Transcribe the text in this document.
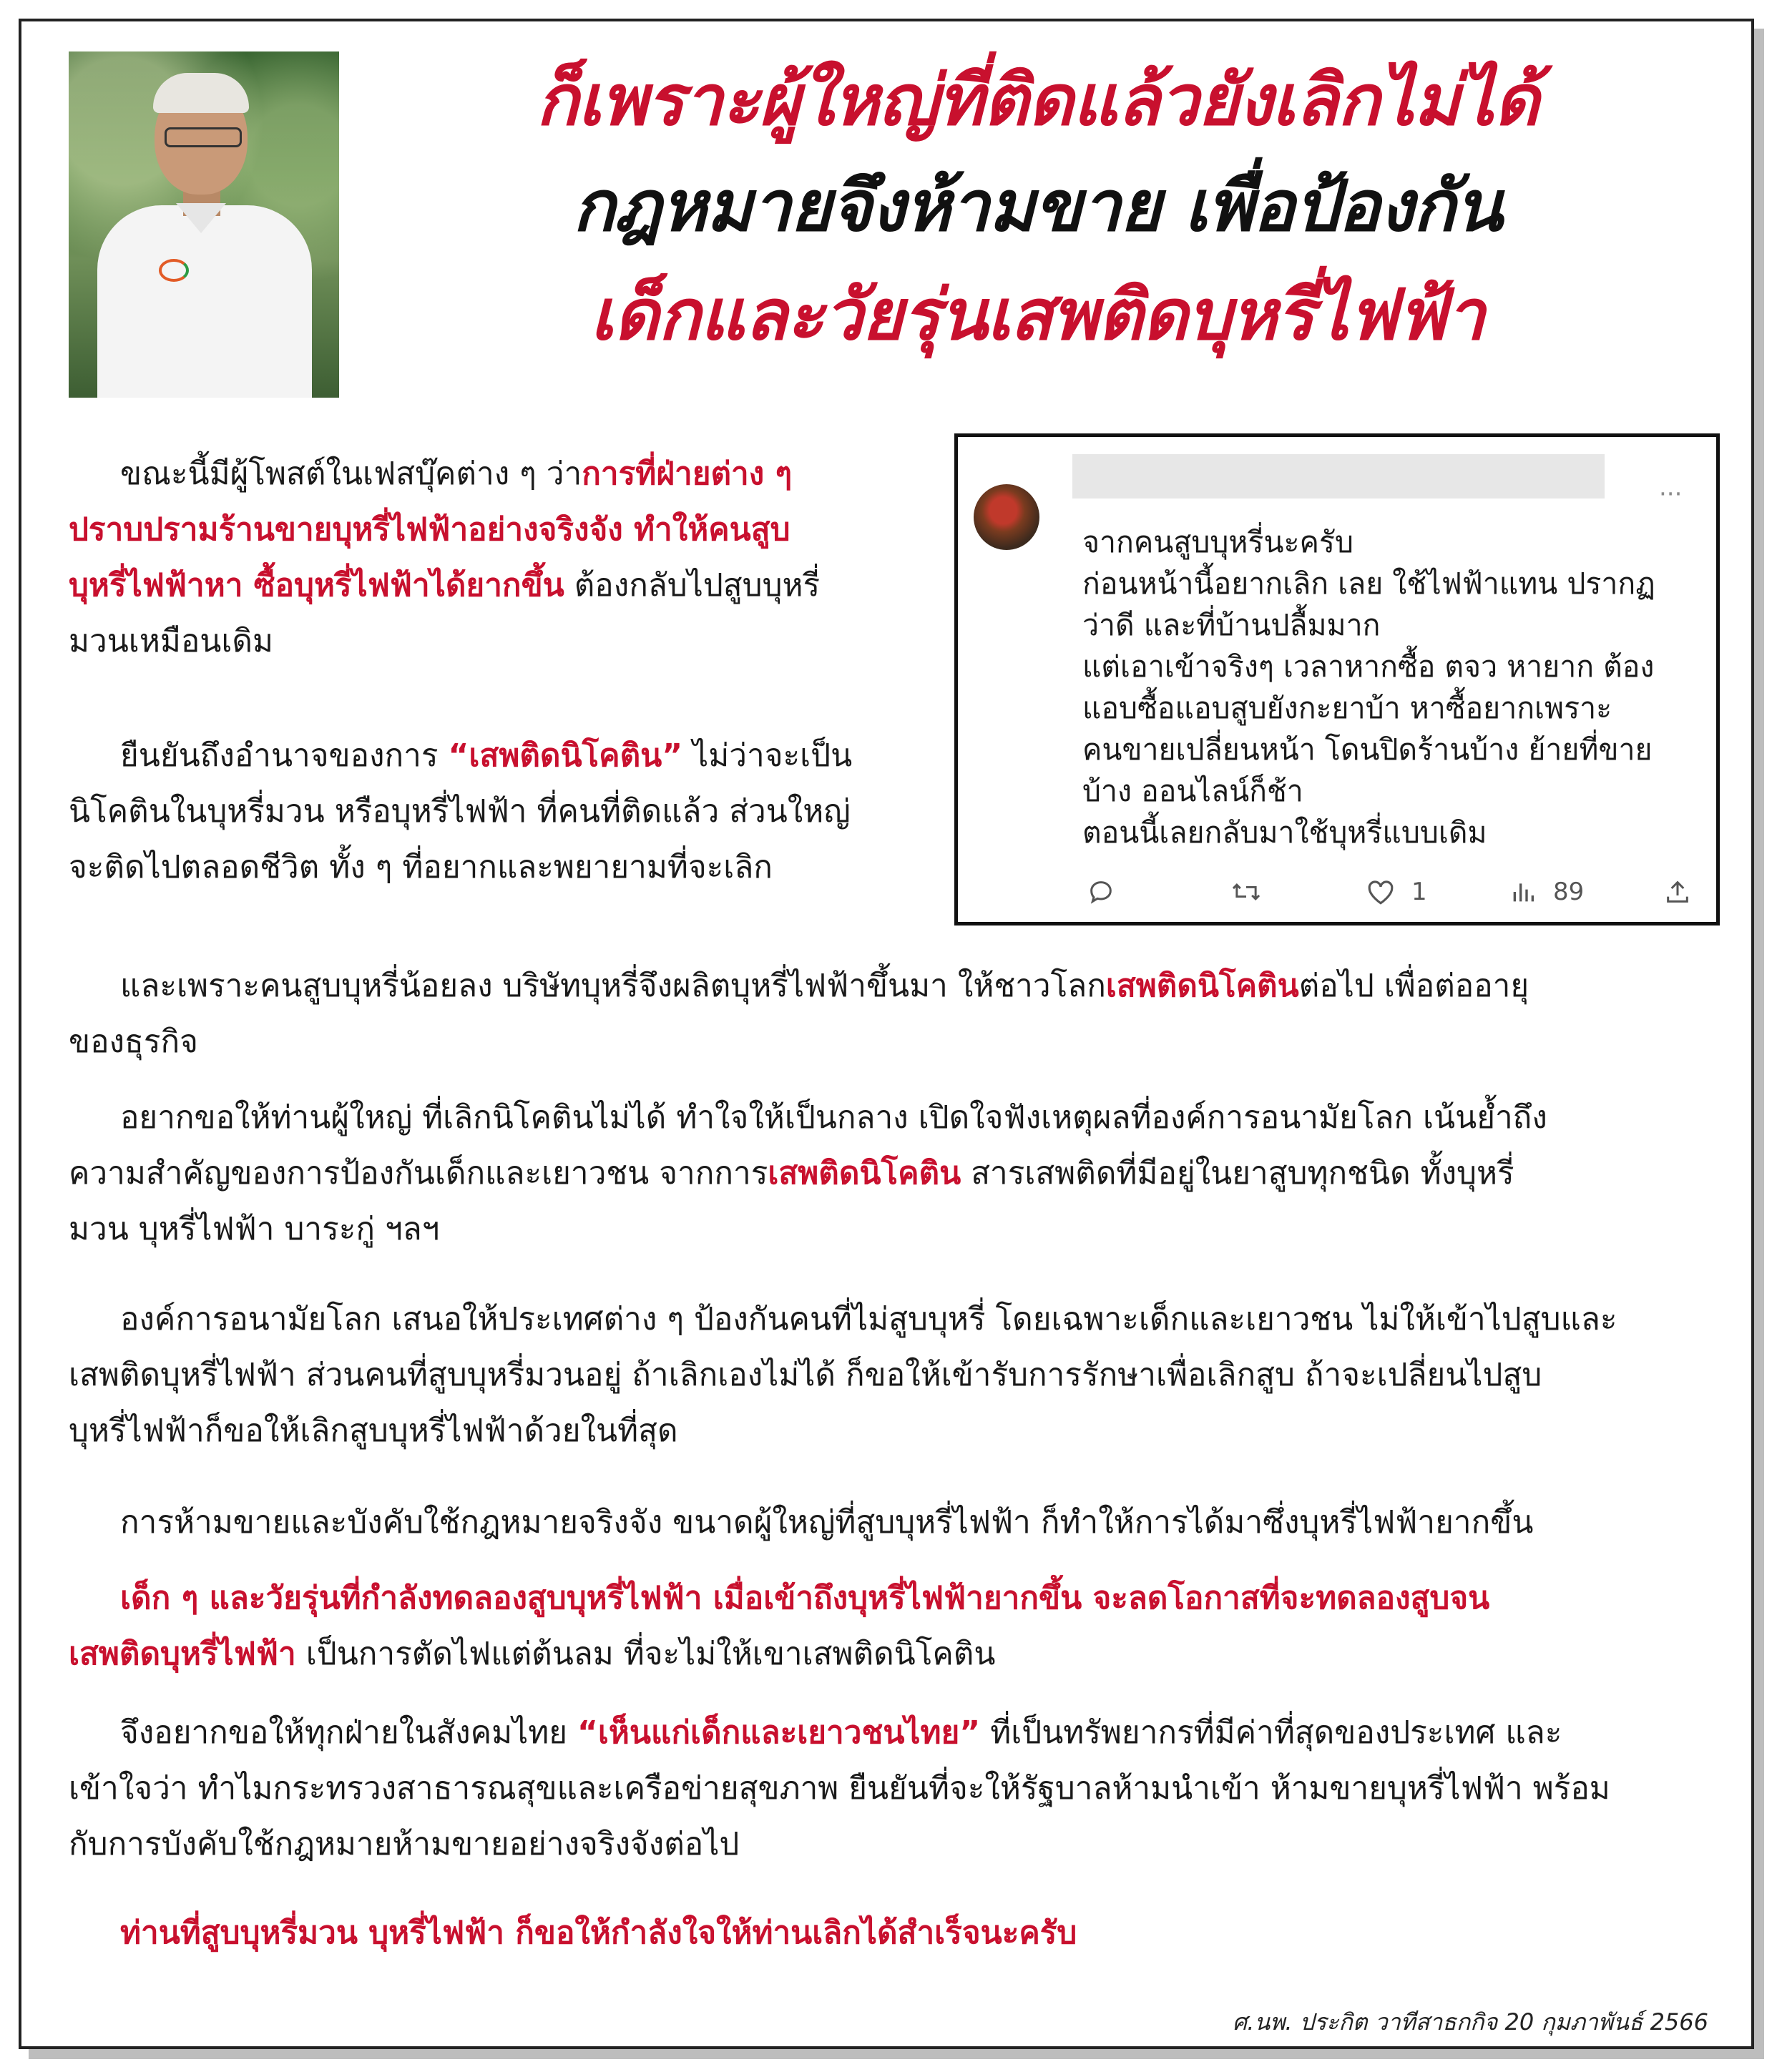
ก็เพราะผู้ใหญ่ที่ติดแล้วยังเลิกไม่ได้
กฎหมายจึงห้ามขาย เพื่อป้องกัน
เด็กและวัยรุ่นเสพติดบุหรี่ไฟฟ้า
ขณะนี้มีผู้โพสต์ในเฟสบุ๊คต่าง ๆ ว่าการที่ฝ่ายต่าง ๆ
ปราบปรามร้านขายบุหรี่ไฟฟ้าอย่างจริงจัง ทำให้คนสูบ
บุหรี่ไฟฟ้าหา ซื้อบุหรี่ไฟฟ้าได้ยากขึ้น ต้องกลับไปสูบบุหรี่
มวนเหมือนเดิม
ยืนยันถึงอำนาจของการ “เสพติดนิโคติน” ไม่ว่าจะเป็น
นิโคตินในบุหรี่มวน หรือบุหรี่ไฟฟ้า ที่คนที่ติดแล้ว ส่วนใหญ่
จะติดไปตลอดชีวิต ทั้ง ๆ ที่อยากและพยายามที่จะเลิก
···
จากคนสูบบุหรี่นะครับ
ก่อนหน้านี้อยากเลิก เลย ใช้ไฟฟ้าแทน ปรากฏ
ว่าดี และที่บ้านปลื้มมาก
แต่เอาเข้าจริงๆ เวลาหากซื้อ ตจว หายาก ต้อง
แอบซื้อแอบสูบยังกะยาบ้า หาซื้อยากเพราะ
คนขายเปลี่ยนหน้า โดนปิดร้านบ้าง ย้ายที่ขาย
บ้าง ออนไลน์ก็ช้า
ตอนนี้เลยกลับมาใช้บุหรี่แบบเดิม
1	89
และเพราะคนสูบบุหรี่น้อยลง บริษัทบุหรี่จึงผลิตบุหรี่ไฟฟ้าขึ้นมา ให้ชาวโลกเสพติดนิโคตินต่อไป เพื่อต่ออายุ
ของธุรกิจ
อยากขอให้ท่านผู้ใหญ่ ที่เลิกนิโคตินไม่ได้ ทำใจให้เป็นกลาง เปิดใจฟังเหตุผลที่องค์การอนามัยโลก เน้นย้ำถึง
ความสำคัญของการป้องกันเด็กและเยาวชน จากการเสพติดนิโคติน สารเสพติดที่มีอยู่ในยาสูบทุกชนิด ทั้งบุหรี่
มวน บุหรี่ไฟฟ้า บาระกู่ ฯลฯ
องค์การอนามัยโลก เสนอให้ประเทศต่าง ๆ ป้องกันคนที่ไม่สูบบุหรี่ โดยเฉพาะเด็กและเยาวชน ไม่ให้เข้าไปสูบและ
เสพติดบุหรี่ไฟฟ้า ส่วนคนที่สูบบุหรี่มวนอยู่ ถ้าเลิกเองไม่ได้ ก็ขอให้เข้ารับการรักษาเพื่อเลิกสูบ ถ้าจะเปลี่ยนไปสูบ
บุหรี่ไฟฟ้าก็ขอให้เลิกสูบบุหรี่ไฟฟ้าด้วยในที่สุด
การห้ามขายและบังคับใช้กฎหมายจริงจัง ขนาดผู้ใหญ่ที่สูบบุหรี่ไฟฟ้า ก็ทำให้การได้มาซึ่งบุหรี่ไฟฟ้ายากขึ้น
เด็ก ๆ และวัยรุ่นที่กำลังทดลองสูบบุหรี่ไฟฟ้า เมื่อเข้าถึงบุหรี่ไฟฟ้ายากขึ้น จะลดโอกาสที่จะทดลองสูบจน
เสพติดบุหรี่ไฟฟ้า เป็นการตัดไฟแต่ต้นลม ที่จะไม่ให้เขาเสพติดนิโคติน
จึงอยากขอให้ทุกฝ่ายในสังคมไทย “เห็นแก่เด็กและเยาวชนไทย” ที่เป็นทรัพยากรที่มีค่าที่สุดของประเทศ และ
เข้าใจว่า ทำไมกระทรวงสาธารณสุขและเครือข่ายสุขภาพ ยืนยันที่จะให้รัฐบาลห้ามนำเข้า ห้ามขายบุหรี่ไฟฟ้า พร้อม
กับการบังคับใช้กฎหมายห้ามขายอย่างจริงจังต่อไป
ท่านที่สูบบุหรี่มวน บุหรี่ไฟฟ้า ก็ขอให้กำลังใจให้ท่านเลิกได้สำเร็จนะครับ
ศ.นพ. ประกิต วาทีสาธกกิจ 20 กุมภาพันธ์ 2566
